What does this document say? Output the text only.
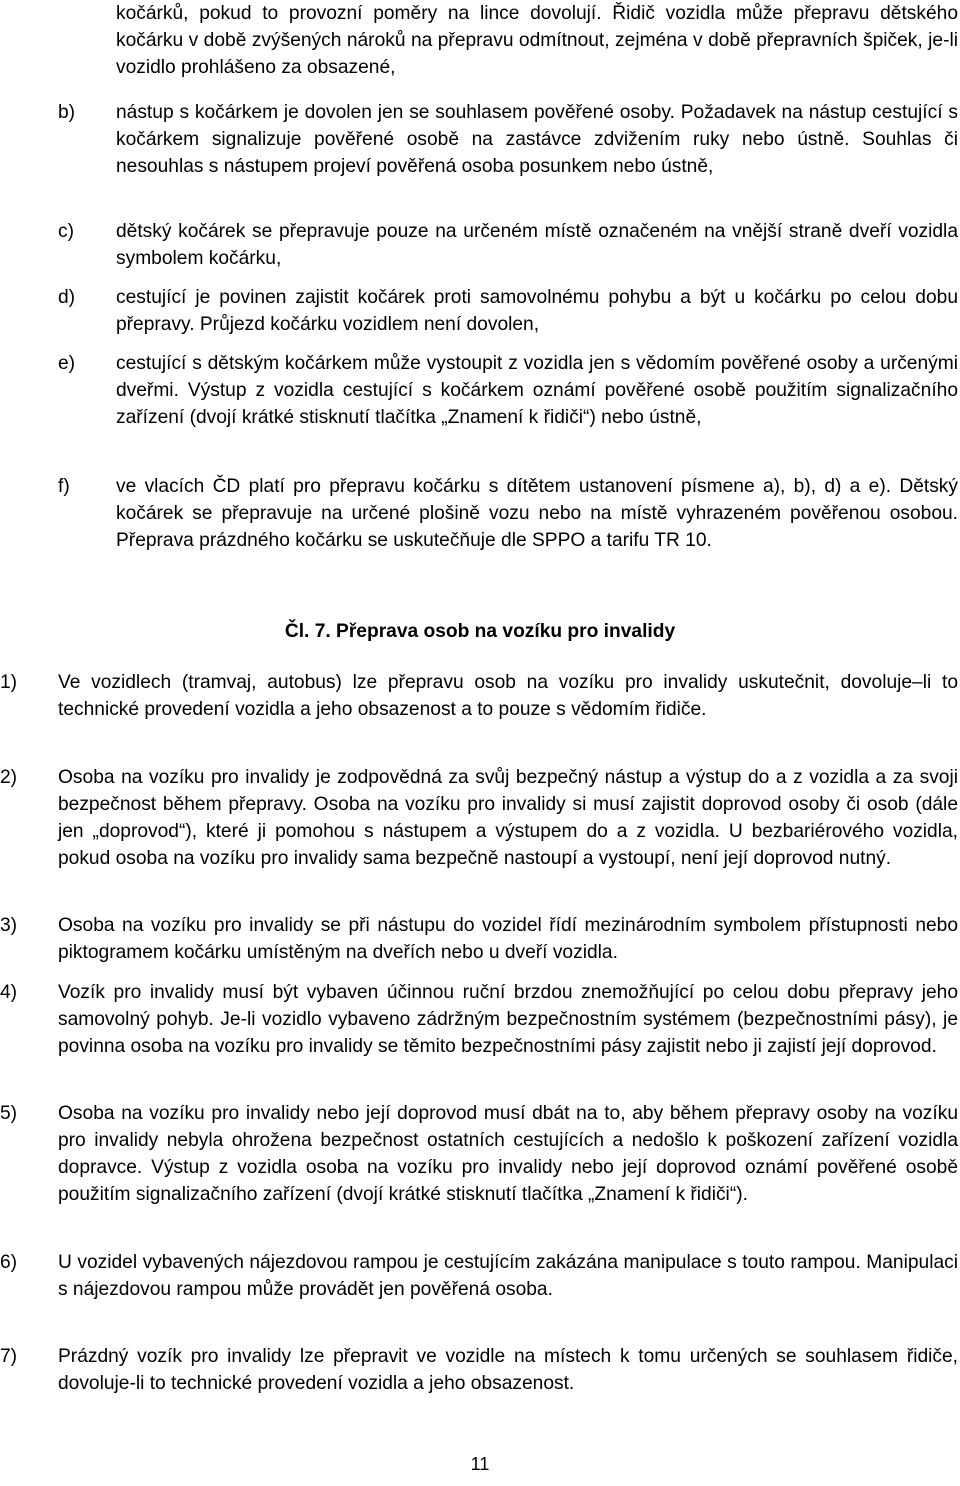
kočárků, pokud to provozní poměry na lince dovolují. Řidič vozidla může přepravu dětského kočárku v době zvýšených nároků na přepravu odmítnout, zejména v době přepravních špiček, je-li vozidlo prohlášeno za obsazené,
b)	nástup s kočárkem je dovolen jen se souhlasem pověřené osoby. Požadavek na nástup cestující s kočárkem signalizuje pověřené osobě na zastávce zdvižením ruky nebo ústně. Souhlas či nesouhlas s nástupem projeví pověřená osoba posunkem nebo ústně,
c)	dětský kočárek se přepravuje pouze na určeném místě označeném na vnější straně dveří vozidla symbolem kočárku,
d)	cestující je povinen zajistit kočárek proti samovolnému pohybu a být u kočárku po celou dobu přepravy. Průjezd kočárku vozidlem není dovolen,
e)	cestující s dětským kočárkem může vystoupit z vozidla jen s vědomím pověřené osoby a určenými dveřmi. Výstup z vozidla cestující s kočárkem oznámí pověřené osobě použitím signalizačního zařízení (dvojí krátké stisknutí tlačítka „Znamení k řidiči“) nebo ústně,
f)	ve vlacích ČD platí pro přepravu kočárku s dítětem ustanovení písmene a), b), d) a e). Dětský kočárek se přepravuje na určené plošině vozu nebo na místě vyhrazeném pověřenou osobou. Přeprava prázdného kočárku se uskutečňuje dle SPPO a tarifu TR 10.
Čl. 7. Přeprava osob na vozíku pro invalidy
1)	Ve vozidlech (tramvaj, autobus) lze přepravu osob na vozíku pro invalidy uskutečnit, dovoluje–li to technické provedení vozidla a jeho obsazenost a to pouze s vědomím řidiče.
2)	Osoba na vozíku pro invalidy je zodpovědná za svůj bezpečný nástup a výstup do a z vozidla a za svoji bezpečnost během přepravy. Osoba na vozíku pro invalidy si musí zajistit doprovod osoby či osob (dále jen „doprovod“), které ji pomohou s nástupem a výstupem do a z vozidla. U bezbariérového vozidla, pokud osoba na vozíku pro invalidy sama bezpečně nastoupí a vystoupí, není její doprovod nutný.
3)	Osoba na vozíku pro invalidy se při nástupu do vozidel řídí mezinárodním symbolem přístupnosti nebo piktogramem kočárku umístěným na dveřích nebo u dveří vozidla.
4)	Vozík pro invalidy musí být vybaven účinnou ruční brzdou znemožňující po celou dobu přepravy jeho samovolný pohyb. Je-li vozidlo vybaveno zádržným bezpečnostním systémem (bezpečnostními pásy), je povinna osoba na vozíku pro invalidy se těmito bezpečnostními pásy zajistit nebo ji zajistí její doprovod.
5)	Osoba na vozíku pro invalidy nebo její doprovod musí dbát na to, aby během přepravy osoby na vozíku pro invalidy nebyla ohrožena bezpečnost ostatních cestujících a nedošlo k poškození zařízení vozidla dopravce. Výstup z vozidla osoba na vozíku pro invalidy nebo její doprovod oznámí pověřené osobě použitím signalizačního zařízení (dvojí krátké stisknutí tlačítka „Znamení k řidiči“).
6)	U vozidel vybavených nájezdovou rampou je cestujícím zakázána manipulace s touto rampou. Manipulaci s nájezdovou rampou může provádět jen pověřená osoba.
7)	Prázdný vozík pro invalidy lze přepravit ve vozidle na místech k tomu určených se souhlasem řidiče, dovoluje-li to technické provedení vozidla a jeho obsazenost.
11
